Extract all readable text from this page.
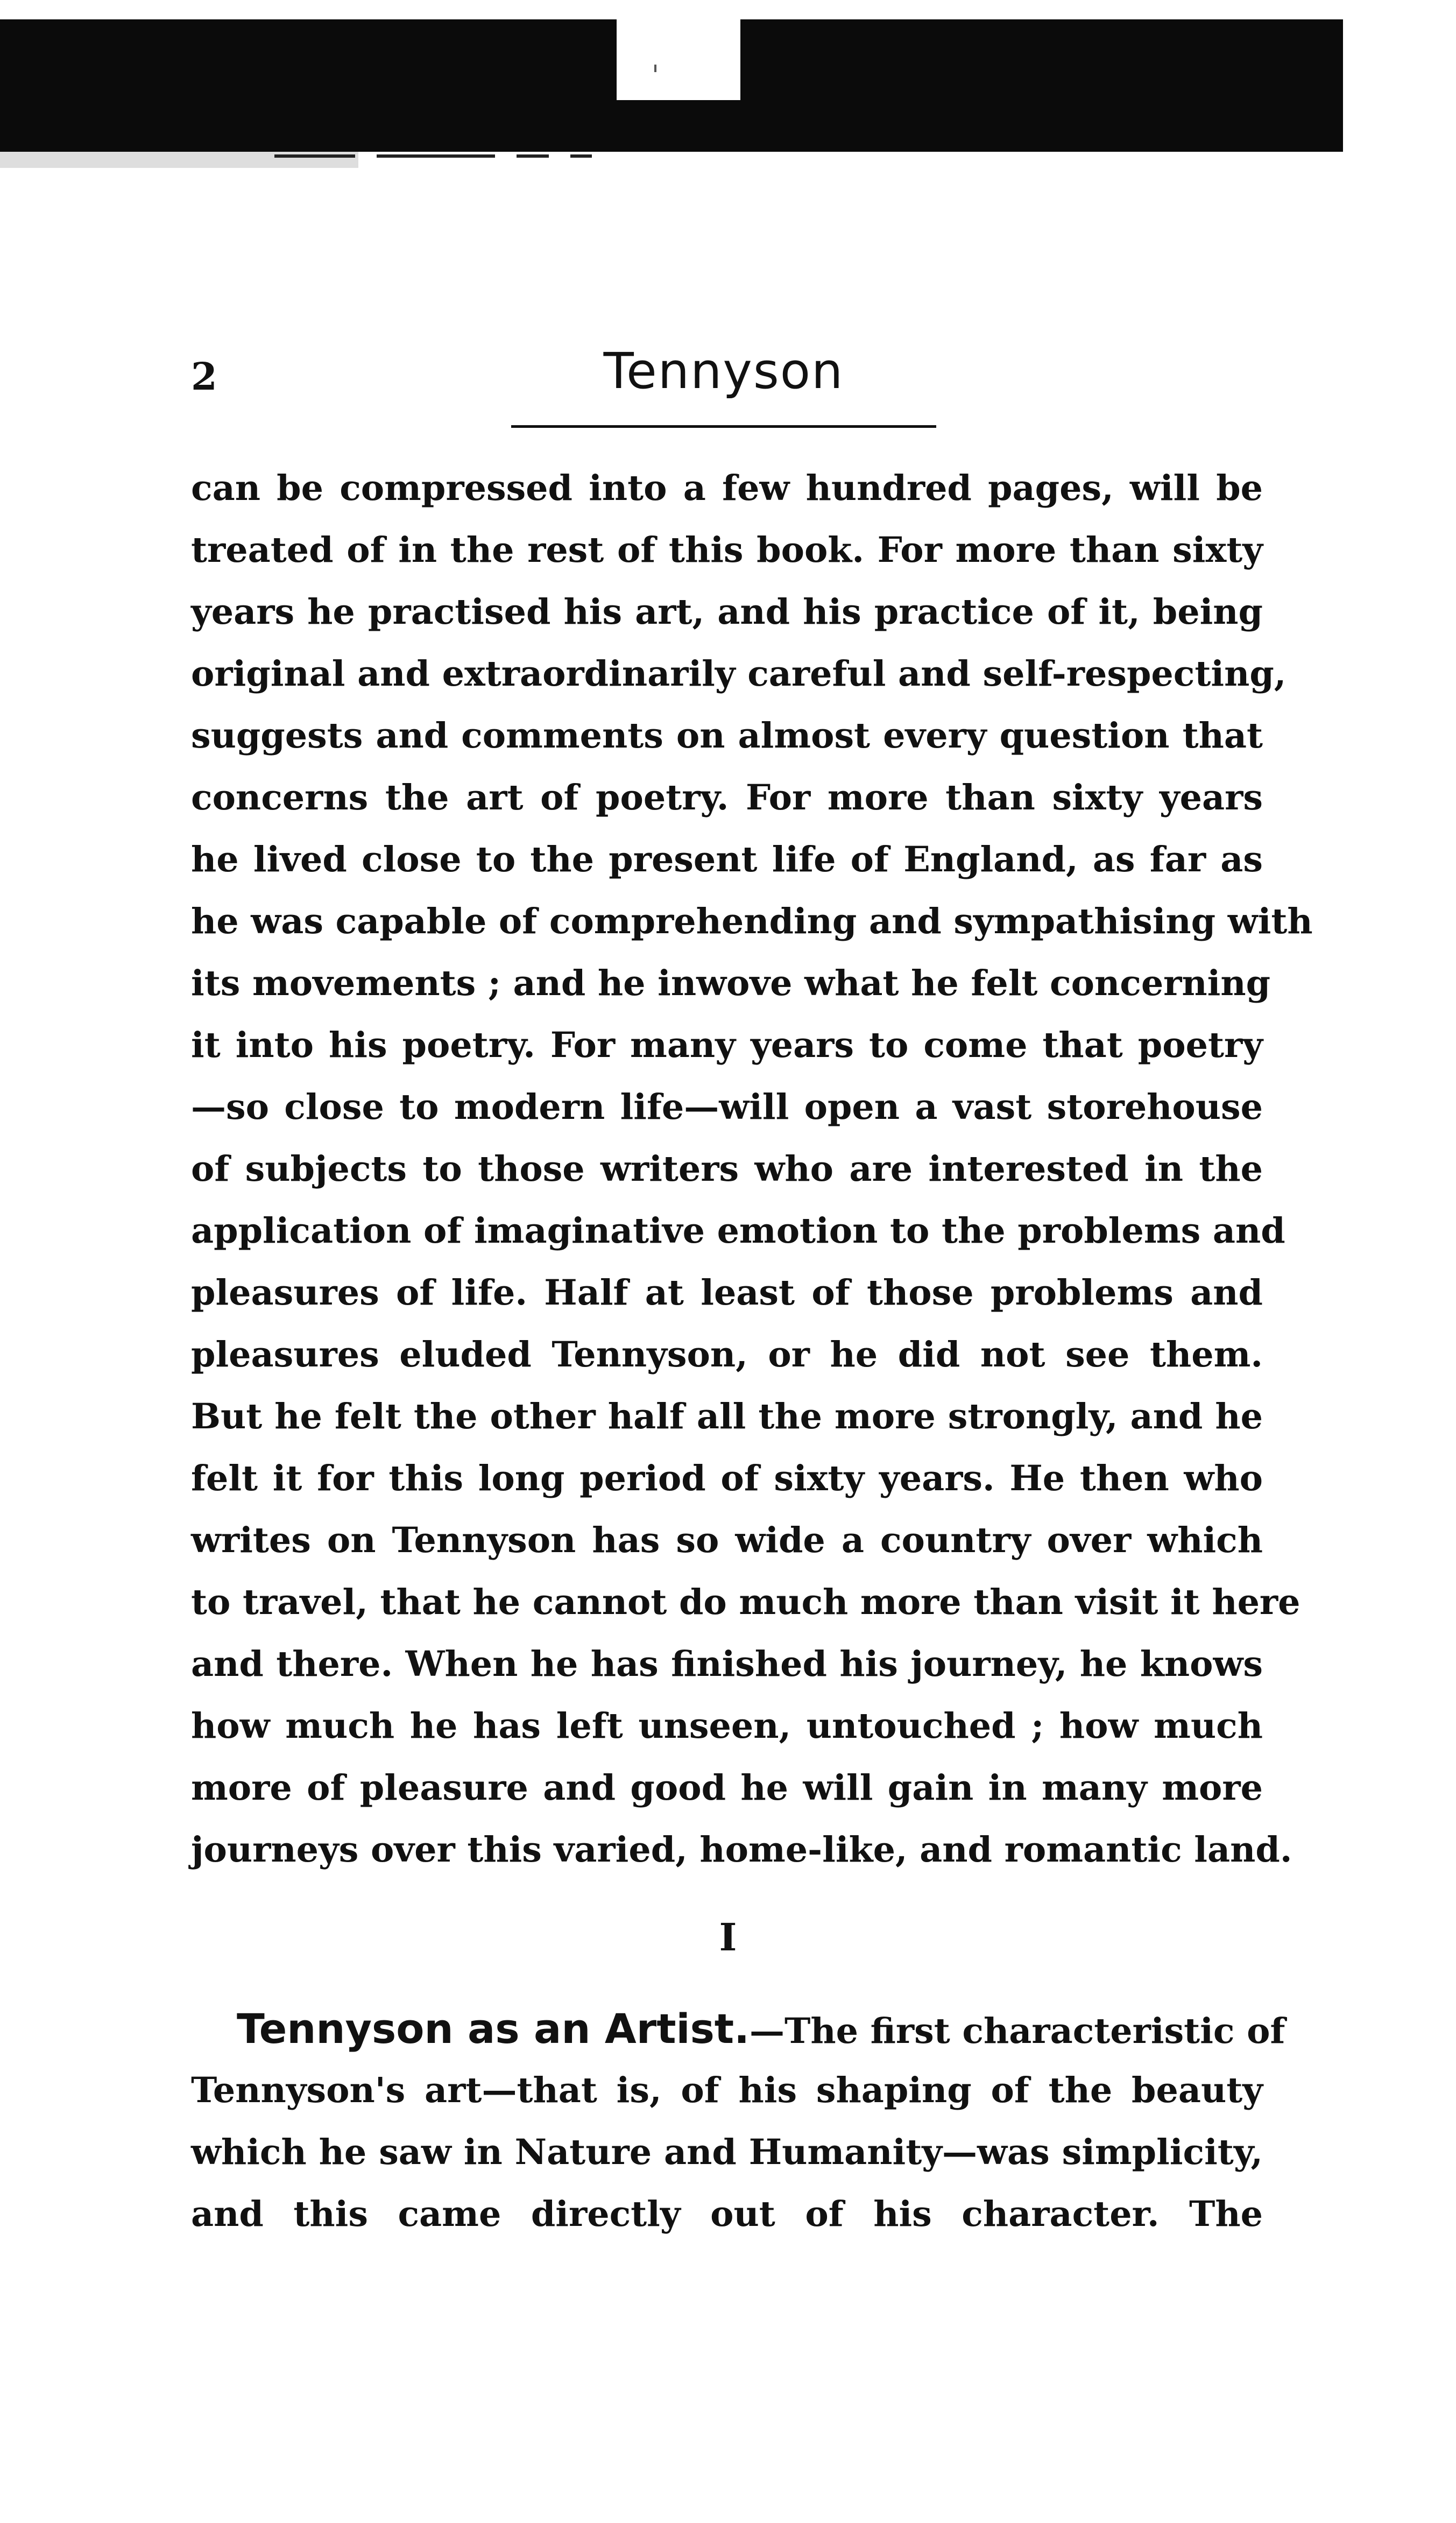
2	Tennyson
can be compressed into a few hundred pages, will be
treated of in the rest of this book. For more than sixty
years he practised his art, and his practice of it, being
original and extraordinarily careful and self-respecting,
suggests and comments on almost every question that
concerns the art of poetry. For more than sixty years
he lived close to the present life of England, as far as
he was capable of comprehending and sympathising with
its movements ; and he inwove what he felt concerning
it into his poetry. For many years to come that poetry
—so close to modern life—will open a vast storehouse
of subjects to those writers who are interested in the
application of imaginative emotion to the problems and
pleasures of life. Half at least of those problems and
pleasures eluded Tennyson, or he did not see them.
But he felt the other half all the more strongly, and he
felt it for this long period of sixty years. He then who
writes on Tennyson has so wide a country over which
to travel, that he cannot do much more than visit it here
and there. When he has finished his journey, he knows
how much he has left unseen, untouched ; how much
more of pleasure and good he will gain in many more
journeys over this varied, home-like, and romantic land.
I
Tennyson as an Artist.—The first characteristic of
Tennyson's art—that is, of his shaping of the beauty
which he saw in Nature and Humanity—was simplicity,
and this came directly out of his character. The
